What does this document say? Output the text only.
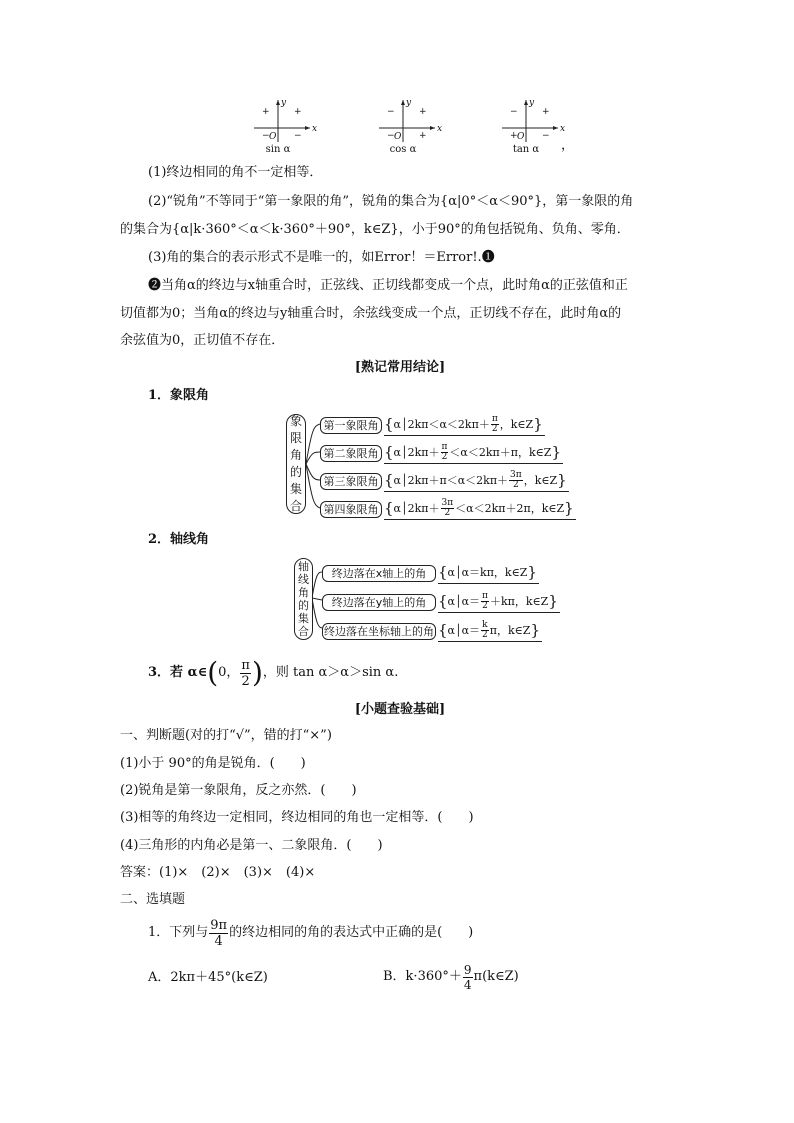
x
y
O
+
+
−	−
sin α
x
y
O
+
−
−	+
cos α
x
y
O
+
−
+	−
tan α ，
(1)终边相同的角不一定相等．
(2)“锐角”不等同于“第一象限的角”，锐角的集合为{α|0°＜α＜90°}，第一象限的角
的集合为{α|k·360°＜α＜k·360°＋90°，k∈Z}，小于90°的角包括锐角、负角、零角．
(3)角的集合的表示形式不是唯一的，如Error！＝Error!.❶
❷当角α的终边与x轴重合时，正弦线、正切线都变成一个点，此时角α的正弦值和正
切值都为0；当角α的终边与y轴重合时，余弦线变成一个点，正切线不存在，此时角α的
余弦值为0，正切值不存在．
[熟记常用结论]
1．象限角
象限角的集合
第一象限角 { α│2kπ＜α＜2kπ＋ $\frac{\pi}{2}$ ，k∈Z }
第二象限角 { α│2kπ＋ $\frac{\pi}{2} <\alpha<2k\pi+\pi$，k∈Z }
第三象限角 { α│2kπ＋π＜α＜2kπ＋ $\frac{3\pi}{2}$ ，k∈Z }
第四象限角 { α│2kπ＋ $\frac{3\pi}{2} <\alpha<2k\pi+2\pi$，k∈Z }
2．轴线角
轴线角的集合
终边落在x轴上的角 { α│α＝kπ，k∈Z }
终边落在y轴上的角 { α│α＝ $\frac{\pi}{2} +k\pi$，k∈Z }
终边落在坐标轴上的角 { α│α＝ $\frac{k}{2}$ π，k∈Z }
3．若 α∈ ( 0， $\frac{\pi}{2}$ ) ，则 tan α＞α＞sin α.
[小题查验基础]
一、判断题(对的打“√”，错的打“×”)
(1)小于 90°的角是锐角．(　　)
(2)锐角是第一象限角，反之亦然．(　　)
(3)相等的角终边一定相同，终边相同的角也一定相等．(　　)
(4)三角形的内角必是第一、二象限角．(　　)
答案：(1)×　(2)×　(3)×　(4)×
二、选填题
1．下列与 $\frac{9\pi}{4}$ 的终边相同的角的表达式中正确的是(　　)
A．2kπ＋45°(k∈Z)	B．$k\cdot 360^\circ+ \frac{9}{4}$ π(k∈Z)
